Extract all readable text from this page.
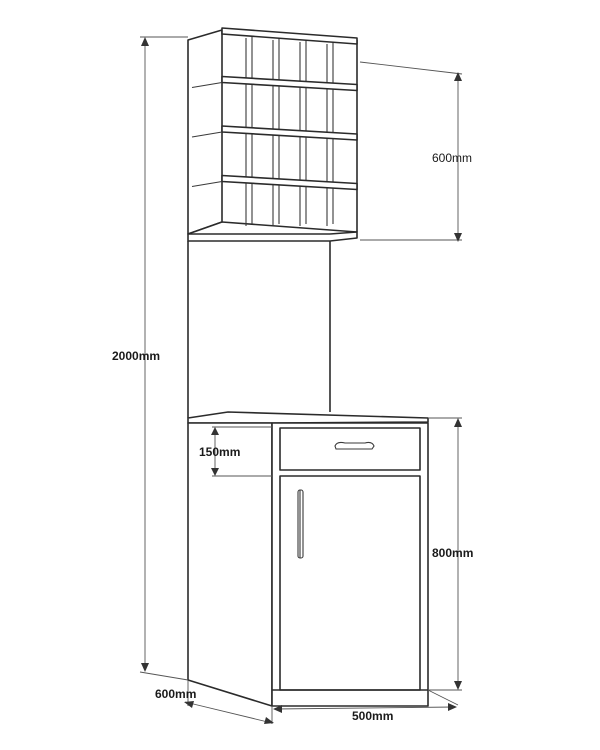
2000mm
600mm
150mm
800mm
600mm
500mm
